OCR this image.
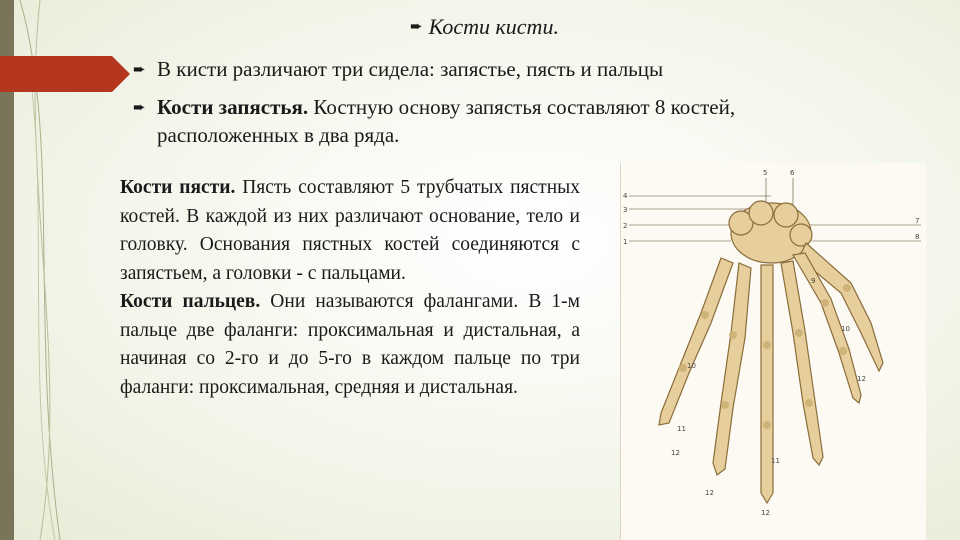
➨ Кости кисти.
➨ В кисти различают три сидела: запястье, пясть и пальцы
➨ Кости запястья. Костную основу запястья составляют 8 костей, расположенных в два ряда.
Кости пясти. Пясть составляют 5 трубчатых пястных костей. В каждой из них различают основание, тело и головку. Основания пястных костей соединяются с запястьем, а головки - с пальцами.
Кости пальцев. Они называются фалангами. В 1-м пальце две фаланги: проксимальная и дистальная, а начиная со 2-го и до 5-го в каждом пальце по три фаланги: проксимальная, средняя и дистальная.
4
3
2
1
5	6
7
8
9
10
12
10
11
12
11
12
12
